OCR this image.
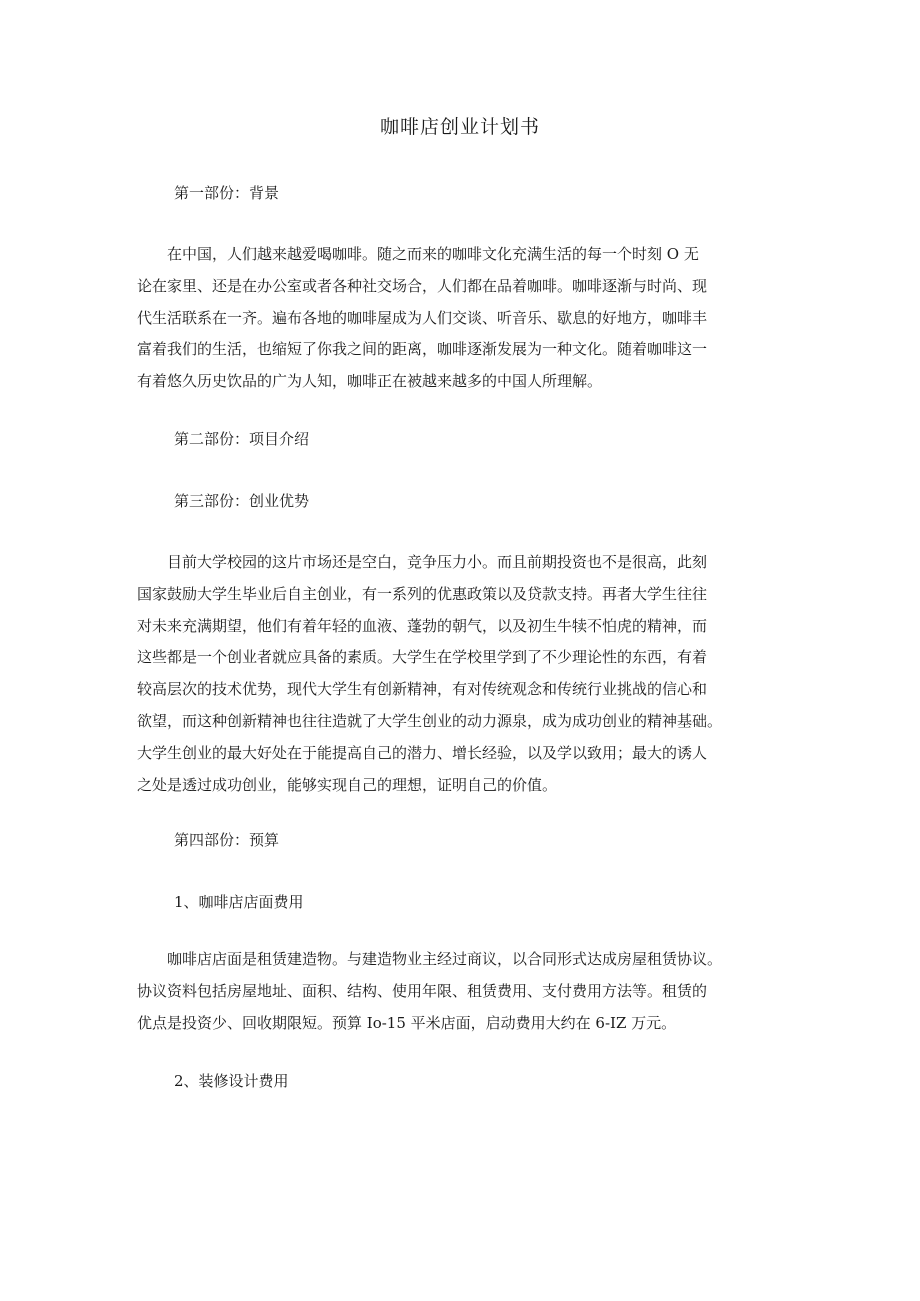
咖啡店创业计划书
第一部份：背景

　　在中国，人们越来越爱喝咖啡。随之而来的咖啡文化充满生活的每一个时刻 O 无
论在家里、还是在办公室或者各种社交场合，人们都在品着咖啡。咖啡逐渐与时尚、现
代生活联系在一齐。遍布各地的咖啡屋成为人们交谈、听音乐、歇息的好地方，咖啡丰
富着我们的生活，也缩短了你我之间的距离，咖啡逐渐发展为一种文化。随着咖啡这一
有着悠久历史饮品的广为人知，咖啡正在被越来越多的中国人所理解。

第二部份：项目介绍
第三部份：创业优势

　　目前大学校园的这片市场还是空白，竞争压力小。而且前期投资也不是很高，此刻
国家鼓励大学生毕业后自主创业，有一系列的优惠政策以及贷款支持。再者大学生往往
对未来充满期望，他们有着年轻的血液、蓬勃的朝气，以及初生牛犊不怕虎的精神，而
这些都是一个创业者就应具备的素质。大学生在学校里学到了不少理论性的东西，有着
较高层次的技术优势，现代大学生有创新精神，有对传统观念和传统行业挑战的信心和
欲望，而这种创新精神也往往造就了大学生创业的动力源泉，成为成功创业的精神基础。
大学生创业的最大好处在于能提高自己的潜力、增长经验，以及学以致用；最大的诱人
之处是透过成功创业，能够实现自己的理想，证明自己的价值。

第四部份：预算
1、咖啡店店面费用

　　咖啡店店面是租赁建造物。与建造物业主经过商议，以合同形式达成房屋租赁协议。
协议资料包括房屋地址、面积、结构、使用年限、租赁费用、支付费用方法等。租赁的
优点是投资少、回收期限短。预算 Io-15 平米店面，启动费用大约在 6-IZ 万元。

2、装修设计费用
